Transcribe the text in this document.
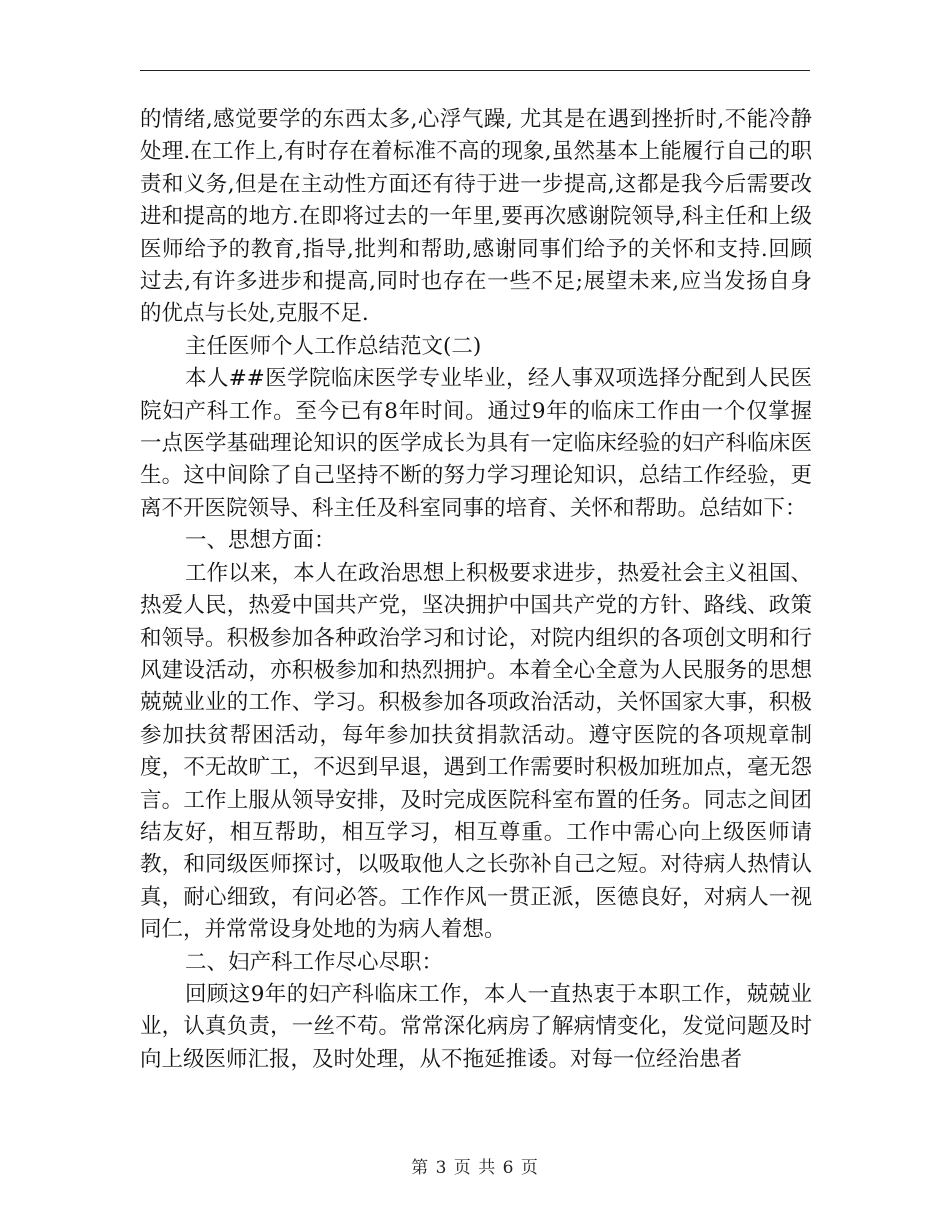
的情绪,感觉要学的东西太多,心浮气躁, 尤其是在遇到挫折时,不能冷静处理.在工作上,有时存在着标准不高的现象,虽然基本上能履行自己的职责和义务,但是在主动性方面还有待于进一步提高,这都是我今后需要改进和提高的地方.在即将过去的一年里,要再次感谢院领导,科主任和上级医师给予的教育,指导,批判和帮助,感谢同事们给予的关怀和支持.回顾过去,有许多进步和提高,同时也存在一些不足;展望未来,应当发扬自身的优点与长处,克服不足.

主任医师个人工作总结范文(二)

本人##医学院临床医学专业毕业，经人事双项选择分配到人民医院妇产科工作。至今已有8年时间。通过9年的临床工作由一个仅掌握一点医学基础理论知识的医学成长为具有一定临床经验的妇产科临床医生。这中间除了自己坚持不断的努力学习理论知识，总结工作经验，更离不开医院领导、科主任及科室同事的培育、关怀和帮助。总结如下：

一、思想方面：

工作以来，本人在政治思想上积极要求进步，热爱社会主义祖国、热爱人民，热爱中国共产党，坚决拥护中国共产党的方针、路线、政策和领导。积极参加各种政治学习和讨论，对院内组织的各项创文明和行风建设活动，亦积极参加和热烈拥护。本着全心全意为人民服务的思想兢兢业业的工作、学习。积极参加各项政治活动，关怀国家大事，积极参加扶贫帮困活动，每年参加扶贫捐款活动。遵守医院的各项规章制度，不无故旷工，不迟到早退，遇到工作需要时积极加班加点，毫无怨言。工作上服从领导安排，及时完成医院科室布置的任务。同志之间团结友好，相互帮助，相互学习，相互尊重。工作中需心向上级医师请教，和同级医师探讨，以吸取他人之长弥补自己之短。对待病人热情认真，耐心细致，有问必答。工作作风一贯正派，医德良好，对病人一视同仁，并常常设身处地的为病人着想。

二、妇产科工作尽心尽职：

回顾这9年的妇产科临床工作，本人一直热衷于本职工作，兢兢业业，认真负责，一丝不苟。常常深化病房了解病情变化，发觉问题及时向上级医师汇报，及时处理，从不拖延推诿。对每一位经治患者

第 3 页 共 6 页
